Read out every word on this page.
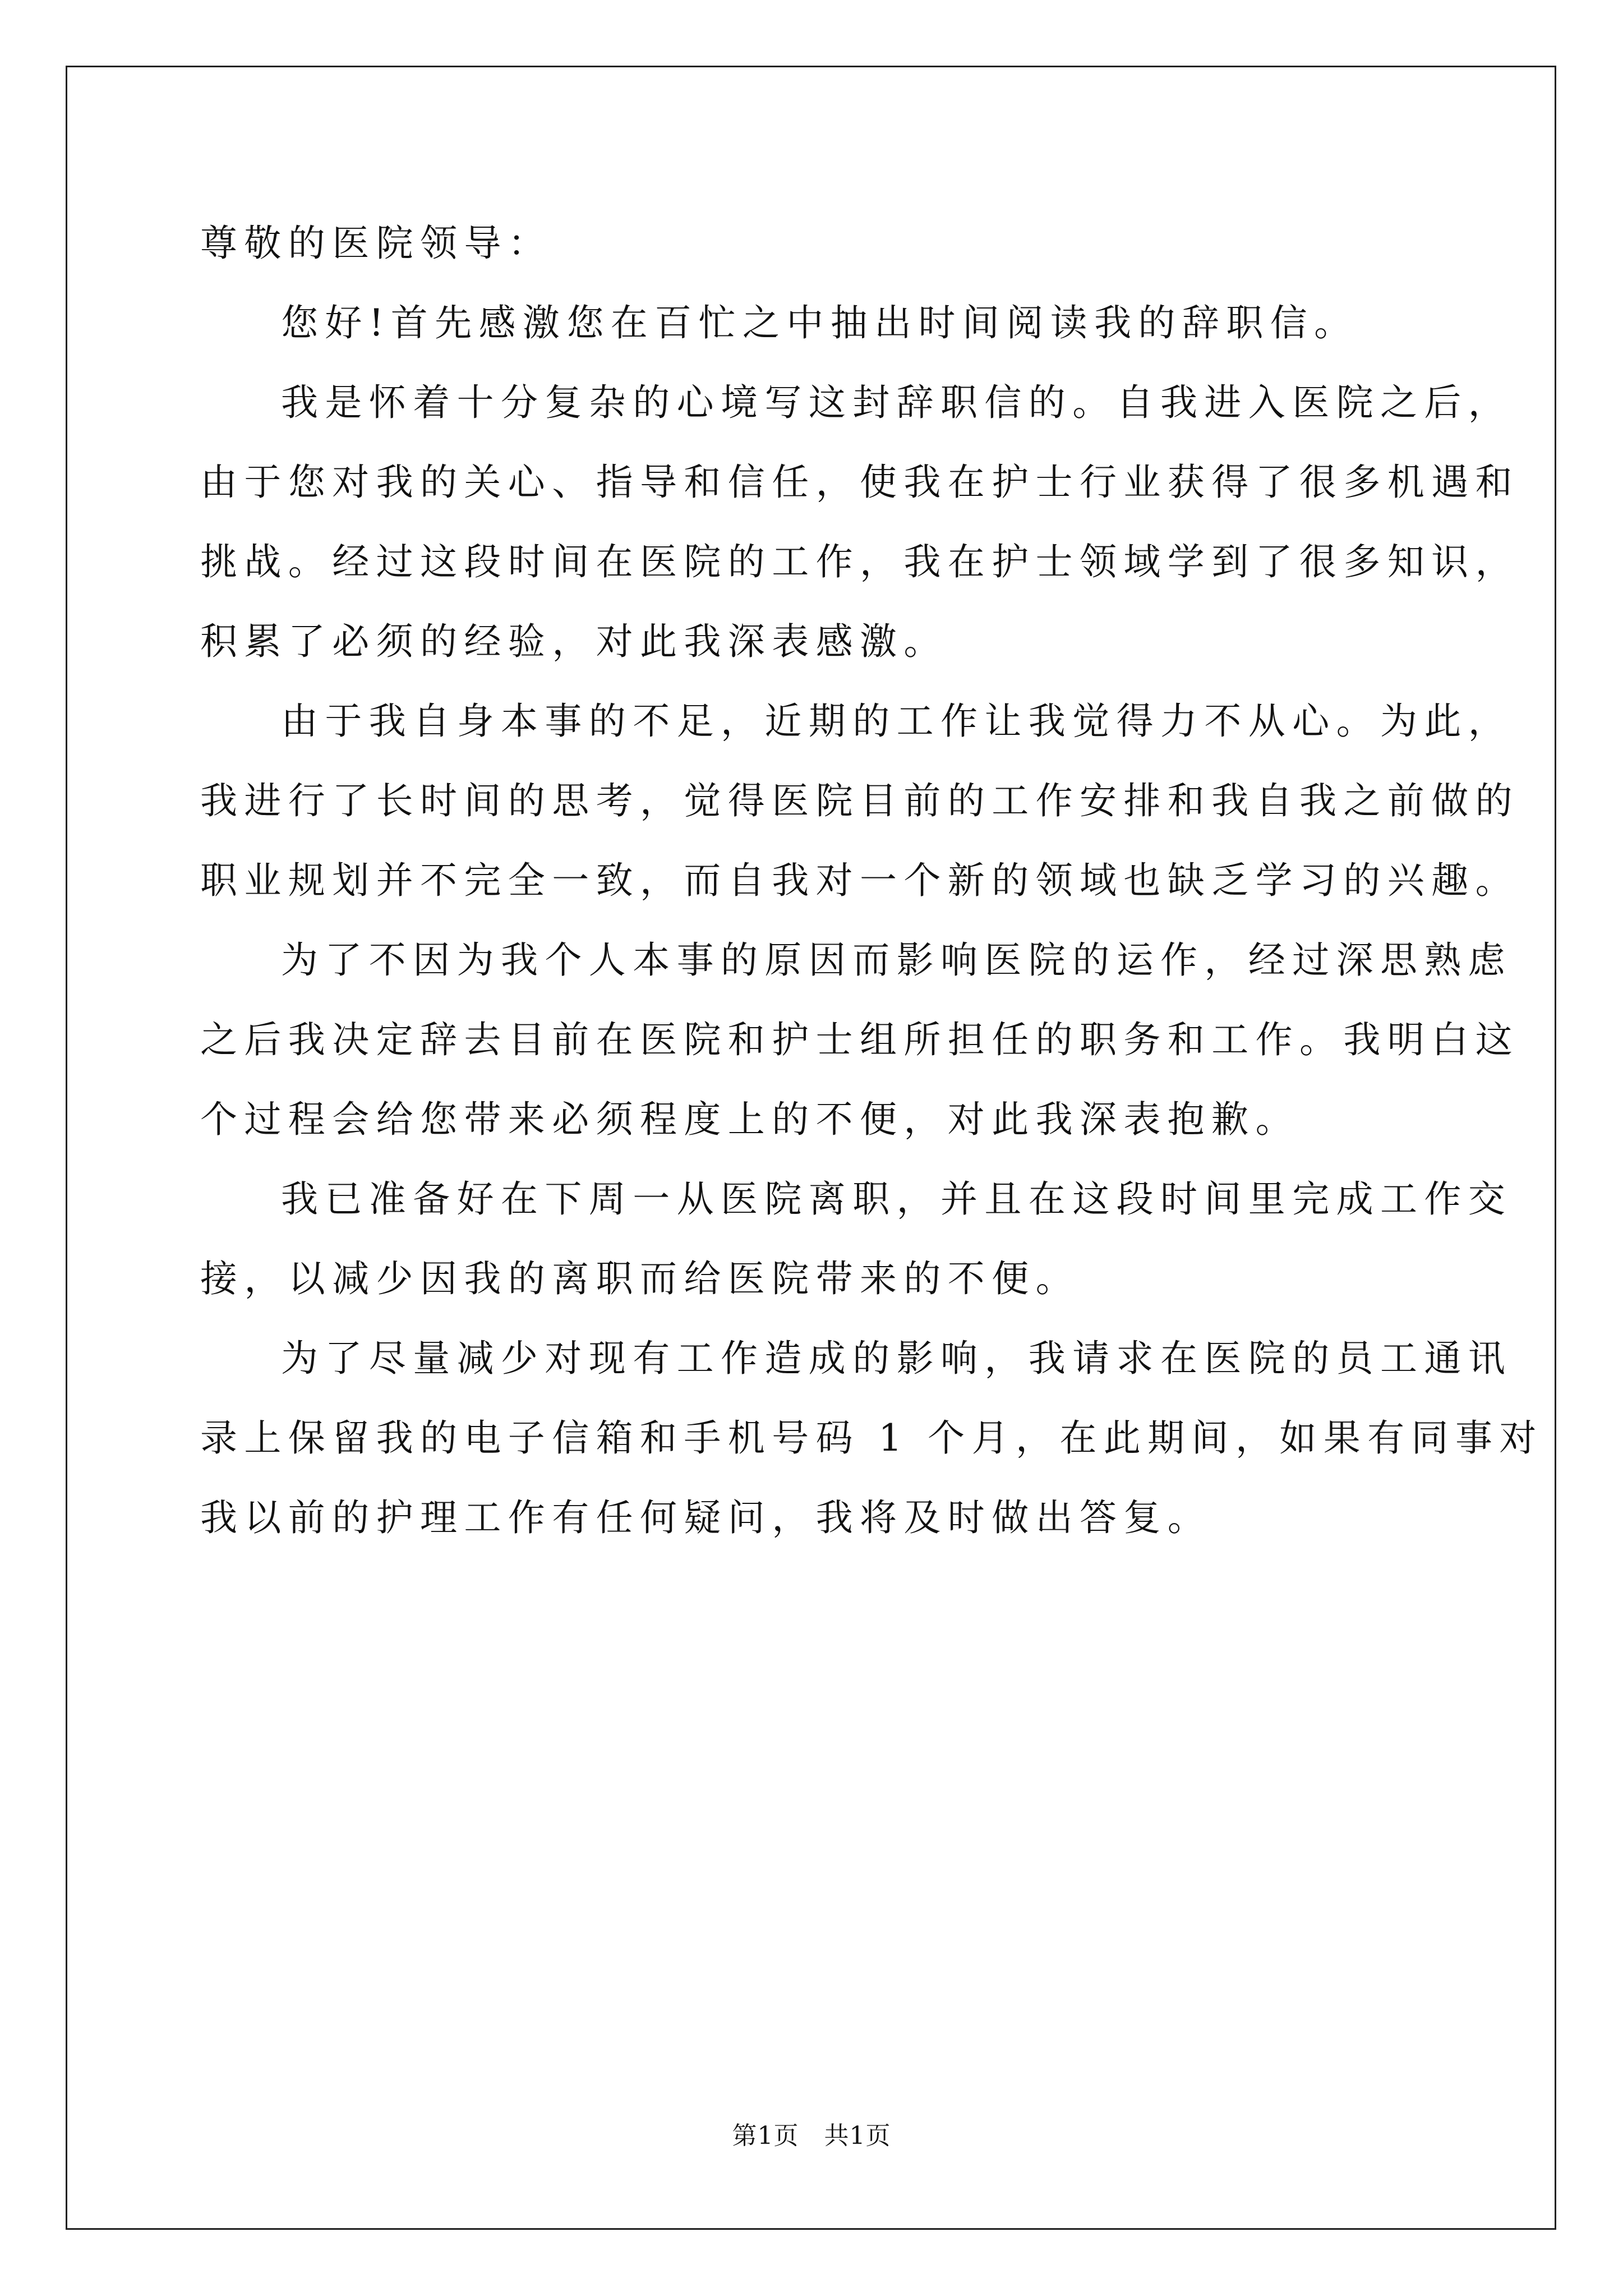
尊敬的医院领导：
您好!首先感激您在百忙之中抽出时间阅读我的辞职信。
我是怀着十分复杂的心境写这封辞职信的。自我进入医院之后，
由于您对我的关心、指导和信任，使我在护士行业获得了很多机遇和
挑战。经过这段时间在医院的工作，我在护士领域学到了很多知识，
积累了必须的经验，对此我深表感激。
由于我自身本事的不足，近期的工作让我觉得力不从心。为此，
我进行了长时间的思考，觉得医院目前的工作安排和我自我之前做的
职业规划并不完全一致，而自我对一个新的领域也缺乏学习的兴趣。
为了不因为我个人本事的原因而影响医院的运作，经过深思熟虑
之后我决定辞去目前在医院和护士组所担任的职务和工作。我明白这
个过程会给您带来必须程度上的不便，对此我深表抱歉。
我已准备好在下周一从医院离职，并且在这段时间里完成工作交
接，以减少因我的离职而给医院带来的不便。
为了尽量减少对现有工作造成的影响，我请求在医院的员工通讯
录上保留我的电子信箱和手机号码 1 个月，在此期间，如果有同事对
我以前的护理工作有任何疑问，我将及时做出答复。
第1页　共1页
